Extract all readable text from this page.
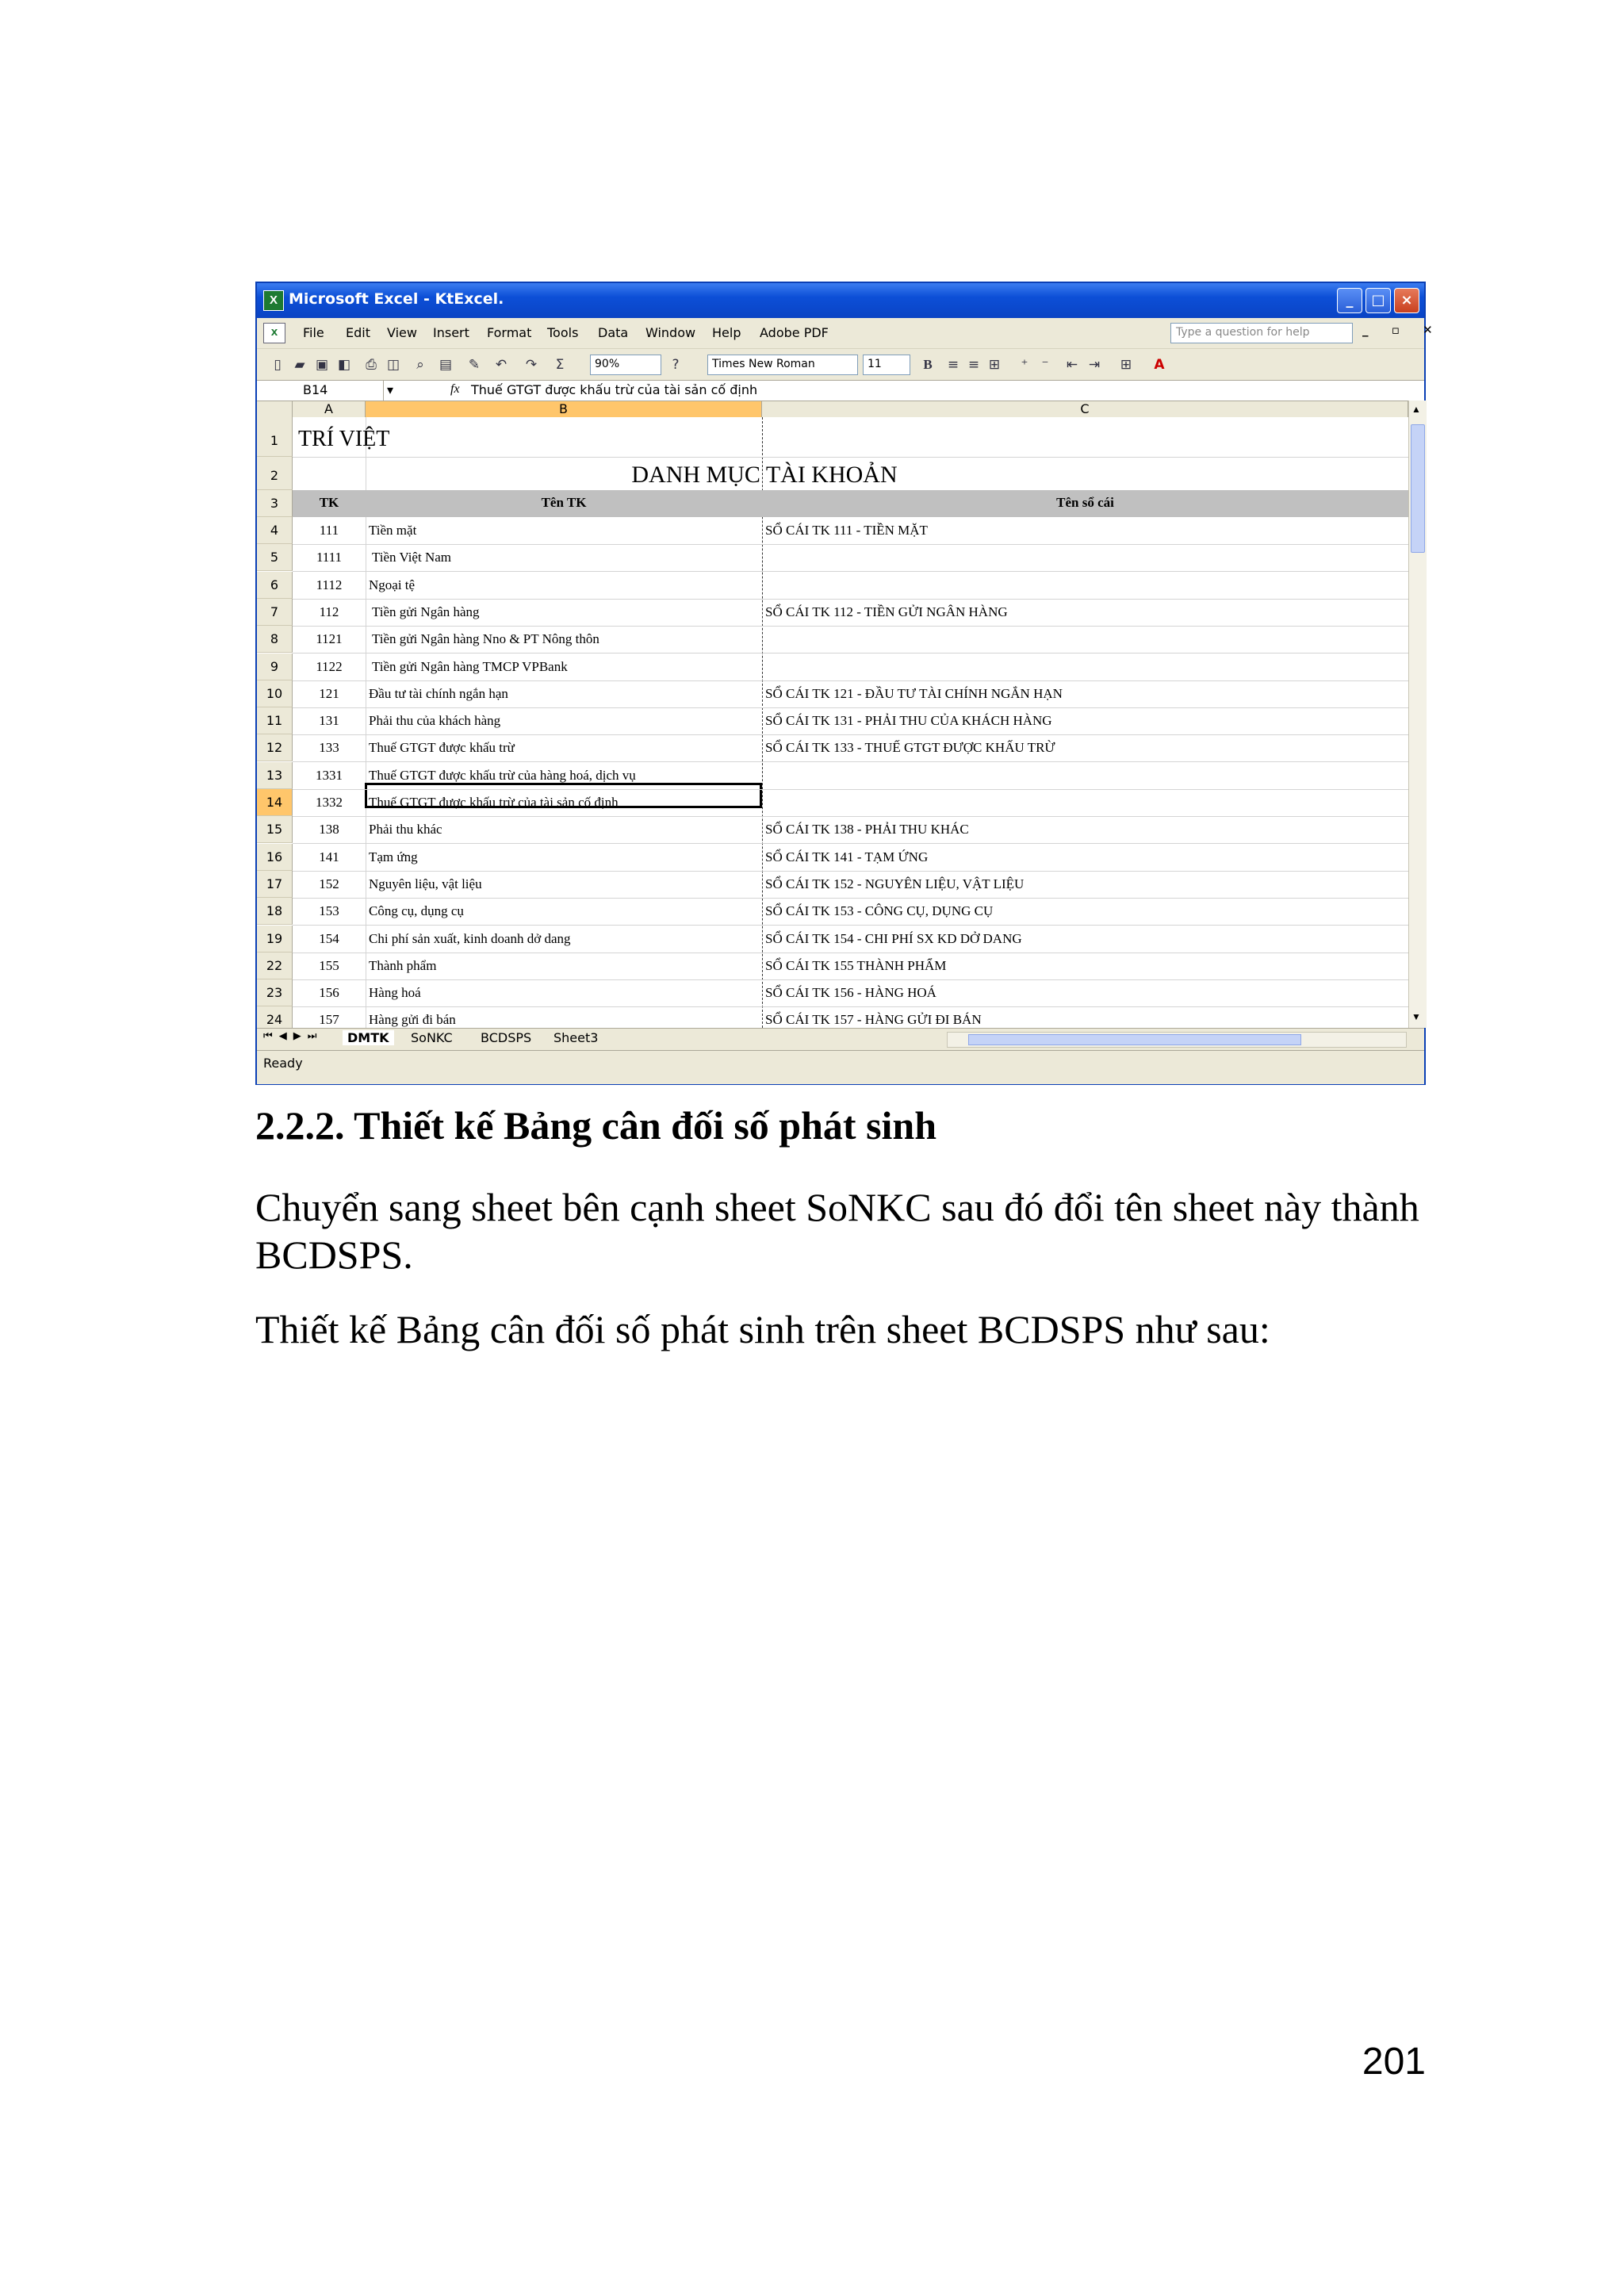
X Microsoft Excel - KtExcel.	_	□	×
X	File Edit View Insert Format Tools Data Window Help Adobe PDF	Type a question for help	_ ▫ ✕
▯ ▰ ▣ ◧	⎙ ◫	⌕	▤ ✎ ↶ ↷	Σ	90%	?	Times New Roman	11	B	≡ ≡ ⊞	⁺	⁻	⇤ ⇥ ⊞	A
B14	▾	fx Thuế GTGT được khấu trừ của tài sản cố định
A	B	C
1 TRÍ VIỆT
2	DANH MỤC TÀI KHOẢN
3	TK	Tên TK	Tên sổ cái
4	111	Tiền mặt	SỔ CÁI TK 111 - TIỀN MẶT
5	1111	Tiền Việt Nam
6	1112	Ngoại tệ
7	112	Tiền gửi Ngân hàng	SỔ CÁI TK 112 - TIỀN GỬI NGÂN HÀNG
8	1121	Tiền gửi Ngân hàng Nno & PT Nông thôn
9	1122	Tiền gửi Ngân hàng TMCP VPBank
10	121	Đầu tư tài chính ngắn hạn	SỔ CÁI TK 121 - ĐẦU TƯ TÀI CHÍNH NGẮN HẠN
11	131	Phải thu của khách hàng	SỔ CÁI TK 131 - PHẢI THU CỦA KHÁCH HÀNG
12	133	Thuế GTGT được khấu trừ	SỔ CÁI TK 133 - THUẾ GTGT ĐƯỢC KHẤU TRỪ
13	1331	Thuế GTGT được khấu trừ của hàng hoá, dịch vụ
14	1332	Thuế GTGT được khấu trừ của tài sản cố định
15	138	Phải thu khác	SỔ CÁI TK 138 - PHẢI THU KHÁC
16	141	Tạm ứng	SỔ CÁI TK 141 - TẠM ỨNG
17	152	Nguyên liệu, vật liệu	SỔ CÁI TK 152 - NGUYÊN LIỆU, VẬT LIỆU
18	153	Công cụ, dụng cụ	SỔ CÁI TK 153 - CÔNG CỤ, DỤNG CỤ
19	154	Chi phí sản xuất, kinh doanh dở dang	SỔ CÁI TK 154 - CHI PHÍ SX KD DỞ DANG
22	155	Thành phẩm	SỔ CÁI TK 155 THÀNH PHẨM
23	156	Hàng hoá	SỔ CÁI TK 156 - HÀNG HOÁ
24	157	Hàng gửi đi bán	SỔ CÁI TK 157 - HÀNG GỬI ĐI BÁN
▲
▼
⏮◀▶⏭	DMTK	SoNKC BCDSPS Sheet3
Ready
2.2.2. Thiết kế Bảng cân đối số phát sinh
Chuyển sang sheet bên cạnh sheet SoNKC sau đó đổi tên sheet này thành BCDSPS.
Thiết kế Bảng cân đối số phát sinh trên sheet BCDSPS như sau:
201
